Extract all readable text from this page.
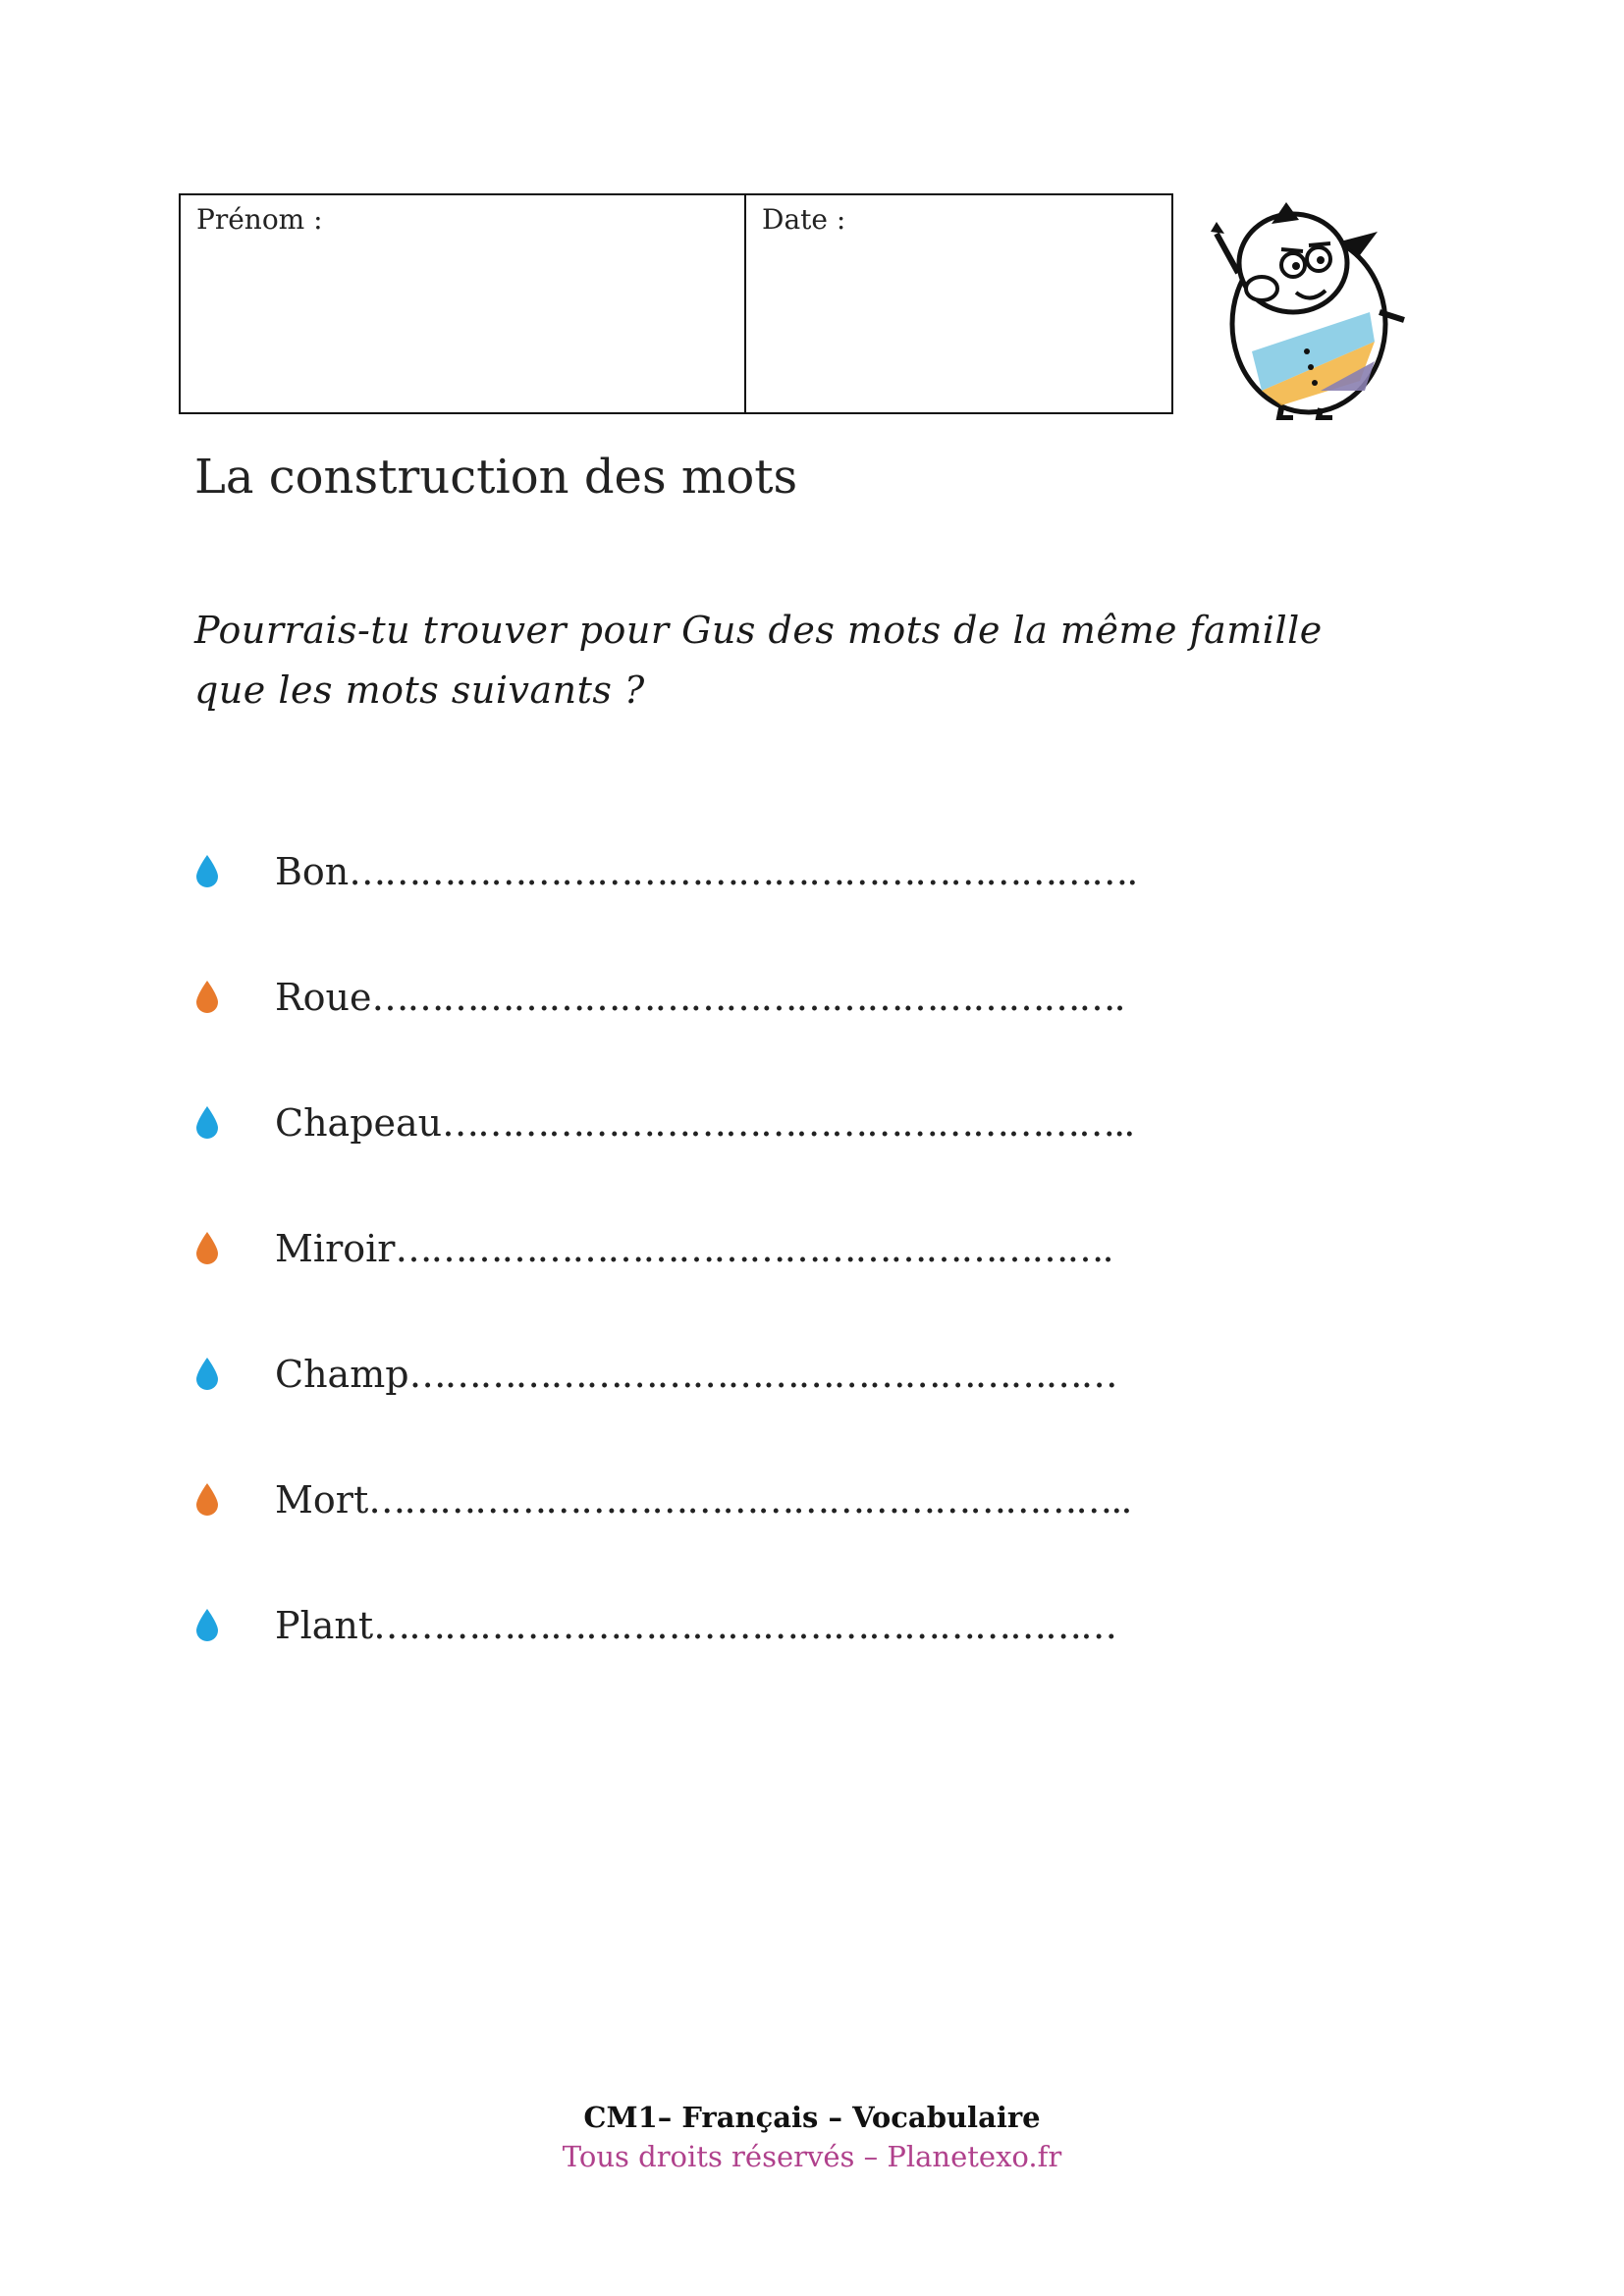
Prénom :	Date :
La construction des mots

Pourrais-tu trouver pour Gus des mots de la même famille
que les mots suivants ?

Bon………………………………………………………….
Roue……………………………………………………….
Chapeau…………………………………………………..
Miroir…………………………………………………….
Champ……………………………………………………
Mort………………………………………………………..
Plant………………………………………………………
CM1– Français – Vocabulaire
Tous droits réservés – Planetexo.fr
